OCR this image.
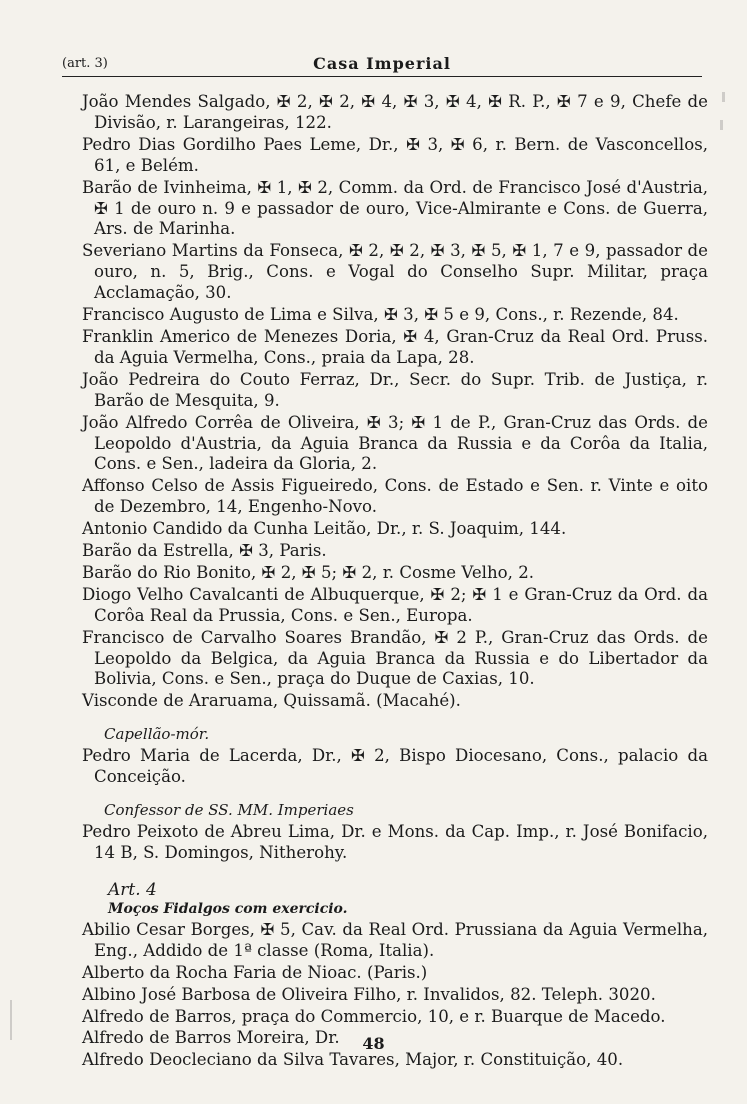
(art. 3)	Casa Imperial
João Mendes Salgado, ✠ 2, ✠ 2, ✠ 4, ✠ 3, ✠ 4, ✠ R. P., ✠ 7 e 9, Chefe de Divisão, r. Larangeiras, 122.
Pedro Dias Gordilho Paes Leme, Dr., ✠ 3, ✠ 6, r. Bern. de Vasconcellos, 61, e Belém.
Barão de Ivinheima, ✠ 1, ✠ 2, Comm. da Ord. de Francisco José d'Austria, ✠ 1 de ouro n. 9 e passador de ouro, Vice-Almirante e Cons. de Guerra, Ars. de Marinha.
Severiano Martins da Fonseca, ✠ 2, ✠ 2, ✠ 3, ✠ 5, ✠ 1, 7 e 9, passador de ouro, n. 5, Brig., Cons. e Vogal do Conselho Supr. Militar, praça Acclamação, 30.
Francisco Augusto de Lima e Silva, ✠ 3, ✠ 5 e 9, Cons., r. Rezende, 84.
Franklin Americo de Menezes Doria, ✠ 4, Gran-Cruz da Real Ord. Pruss. da Aguia Vermelha, Cons., praia da Lapa, 28.
João Pedreira do Couto Ferraz, Dr., Secr. do Supr. Trib. de Justiça, r. Barão de Mesquita, 9.
João Alfredo Corrêa de Oliveira, ✠ 3; ✠ 1 de P., Gran-Cruz das Ords. de Leopoldo d'Austria, da Aguia Branca da Russia e da Corôa da Italia, Cons. e Sen., ladeira da Gloria, 2.
Affonso Celso de Assis Figueiredo, Cons. de Estado e Sen. r. Vinte e oito de Dezembro, 14, Engenho-Novo.
Antonio Candido da Cunha Leitão, Dr., r. S. Joaquim, 144.
Barão da Estrella, ✠ 3, Paris.
Barão do Rio Bonito, ✠ 2, ✠ 5; ✠ 2, r. Cosme Velho, 2.
Diogo Velho Cavalcanti de Albuquerque, ✠ 2; ✠ 1 e Gran-Cruz da Ord. da Corôa Real da Prussia, Cons. e Sen., Europa.
Francisco de Carvalho Soares Brandão, ✠ 2 P., Gran-Cruz das Ords. de Leopoldo da Belgica, da Aguia Branca da Russia e do Libertador da Bolivia, Cons. e Sen., praça do Duque de Caxias, 10.
Visconde de Araruama, Quissamã. (Macahé).
Capellão-mór.
Pedro Maria de Lacerda, Dr., ✠ 2, Bispo Diocesano, Cons., palacio da Conceição.
Confessor de SS. MM. Imperiaes
Pedro Peixoto de Abreu Lima, Dr. e Mons. da Cap. Imp., r. José Bonifacio, 14 B, S. Domingos, Nitherohy.
Art. 4
Moços Fidalgos com exercicio.
Abilio Cesar Borges, ✠ 5, Cav. da Real Ord. Prussiana da Aguia Vermelha, Eng., Addido de 1ª classe (Roma, Italia).
Alberto da Rocha Faria de Nioac. (Paris.)
Albino José Barbosa de Oliveira Filho, r. Invalidos, 82. Teleph. 3020.
Alfredo de Barros, praça do Commercio, 10, e r. Buarque de Macedo.
Alfredo de Barros Moreira, Dr.
Alfredo Deocleciano da Silva Tavares, Major, r. Constituição, 40.
48
